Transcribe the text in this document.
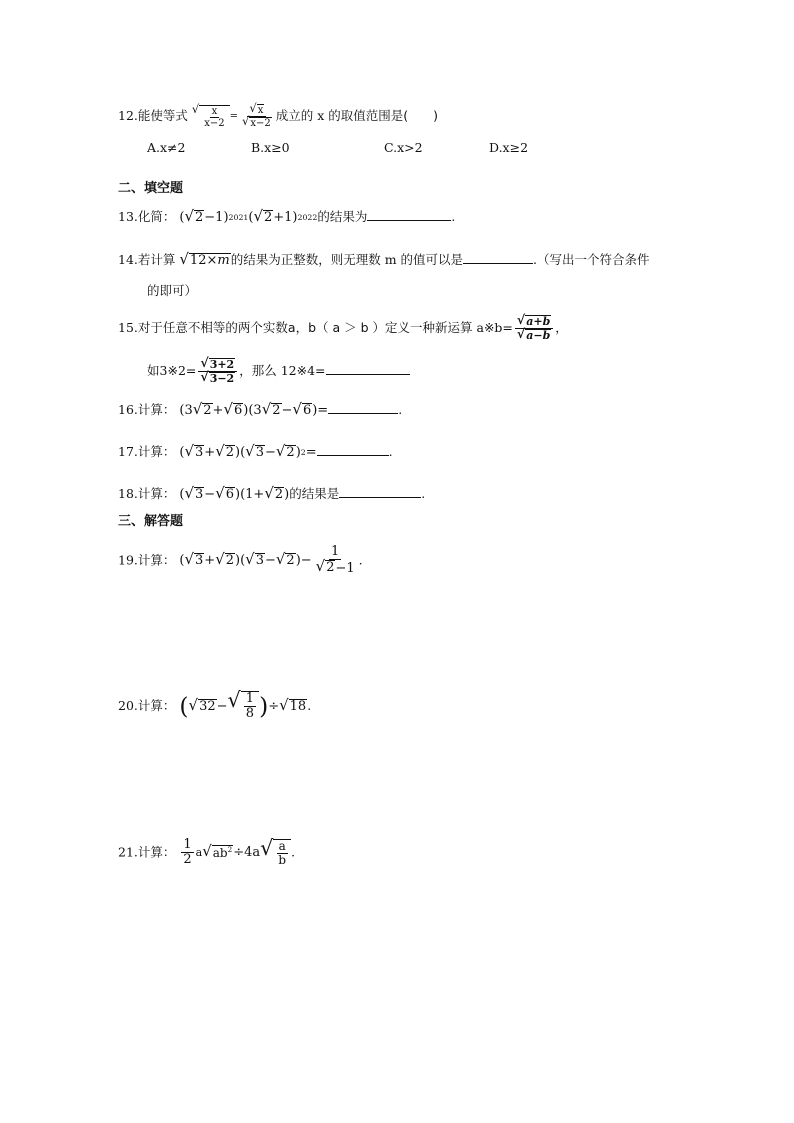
12.能使等式 √ $\frac{x}{x-2} = \frac{√ x}{√ x-2}$ 成立的 x 的取值范围是(　　)
A.x≠2	B.x≥0	C.x>2	D.x≥2
二、填空题
13.化简： ( √ 2 −1) 2021 ( √ 2 +1) 2022 的结果为	.
14.若计算 √ 12×m 的结果为正整数，则无理数 m 的值可以是	.（写出一个符合条件
的即可）
15.对于任意不相等的两个实数a，b（ a ＞ b ）定义一种新运算 a※b= $\frac{√ a+b}{√ a-b}$ ，
如3※2= $\frac{√ 3+2}{√ 3-2}$ ，那么 12※4=
16.计算： (3 √ 2 + √ 6 )(3 √ 2 − √ 6 )=	.
17.计算： ( √ 3 + √ 2 )( √ 3 − √ 2 ) 2 =	.
18.计算： ( √ 3 − √ 6 )(1+ √ 2 )的结果是	.
三、解答题
19.计算： ( √ 3 + √ 2 )( √ 3 − √ 2 )− $\frac{1}{√ 2 -1}$ .
20.计算： ( √ 32 − √ $\frac{1}{8}$ ) ÷ √ 18 .
21.计算： $\frac{1}{2}$ a √ $ab^2 \div 4a$ √ $\frac{a}{b}$ .
